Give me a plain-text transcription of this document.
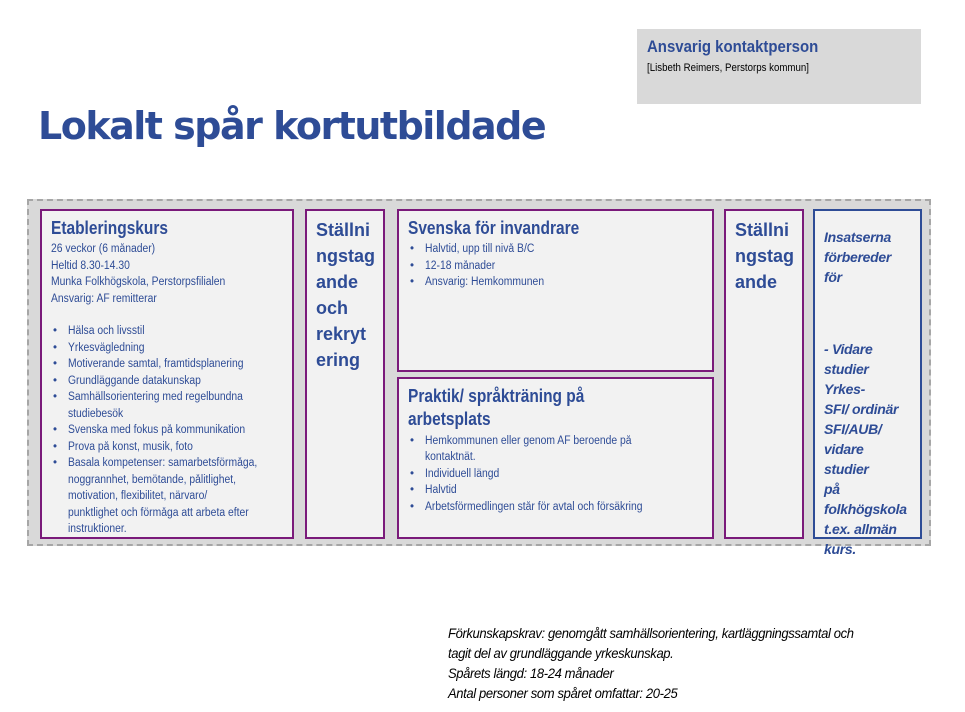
Ansvarig kontaktperson
[Lisbeth Reimers, Perstorps kommun]
Lokalt spår kortutbildade
Etableringskurs
26 veckor (6 månader)
Heltid 8.30-14.30
Munka Folkhögskola, Perstorpsfilialen
Ansvarig: AF remitterar
• Hälsa och livsstil
• Yrkesvägledning
• Motiverande samtal, framtidsplanering
• Grundläggande datakunskap
• Samhällsorientering med regelbundna
studiebesök
• Svenska med fokus på kommunikation
• Prova på konst, musik, foto
• Basala kompetenser: samarbetsförmåga,
noggrannhet, bemötande, pålitlighet,
motivation, flexibilitet, närvaro/
punktlighet och förmåga att arbeta efter
instruktioner.
Ställni
ngstag
ande
och
rekryt
ering
Svenska för invandrare
• Halvtid, upp till nivå B/C
• 12-18 månader
• Ansvarig: Hemkommunen
Praktik/ språkträning på
arbetsplats
• Hemkommunen eller genom AF beroende på
kontaktnät.
• Individuell längd
• Halvtid
• Arbetsförmedlingen står för avtal och försäkring
Ställni
ngstag
ande
Insatserna
förbereder för
- Vidare
studier Yrkes-
SFI/ ordinär
SFI/AUB/
vidare studier
på
folkhögskola
t.ex. allmän
kurs.
Förkunskapskrav: genomgått samhällsorientering, kartläggningssamtal och
tagit del av grundläggande yrkeskunskap.
Spårets längd: 18-24 månader
Antal personer som spåret omfattar: 20-25
